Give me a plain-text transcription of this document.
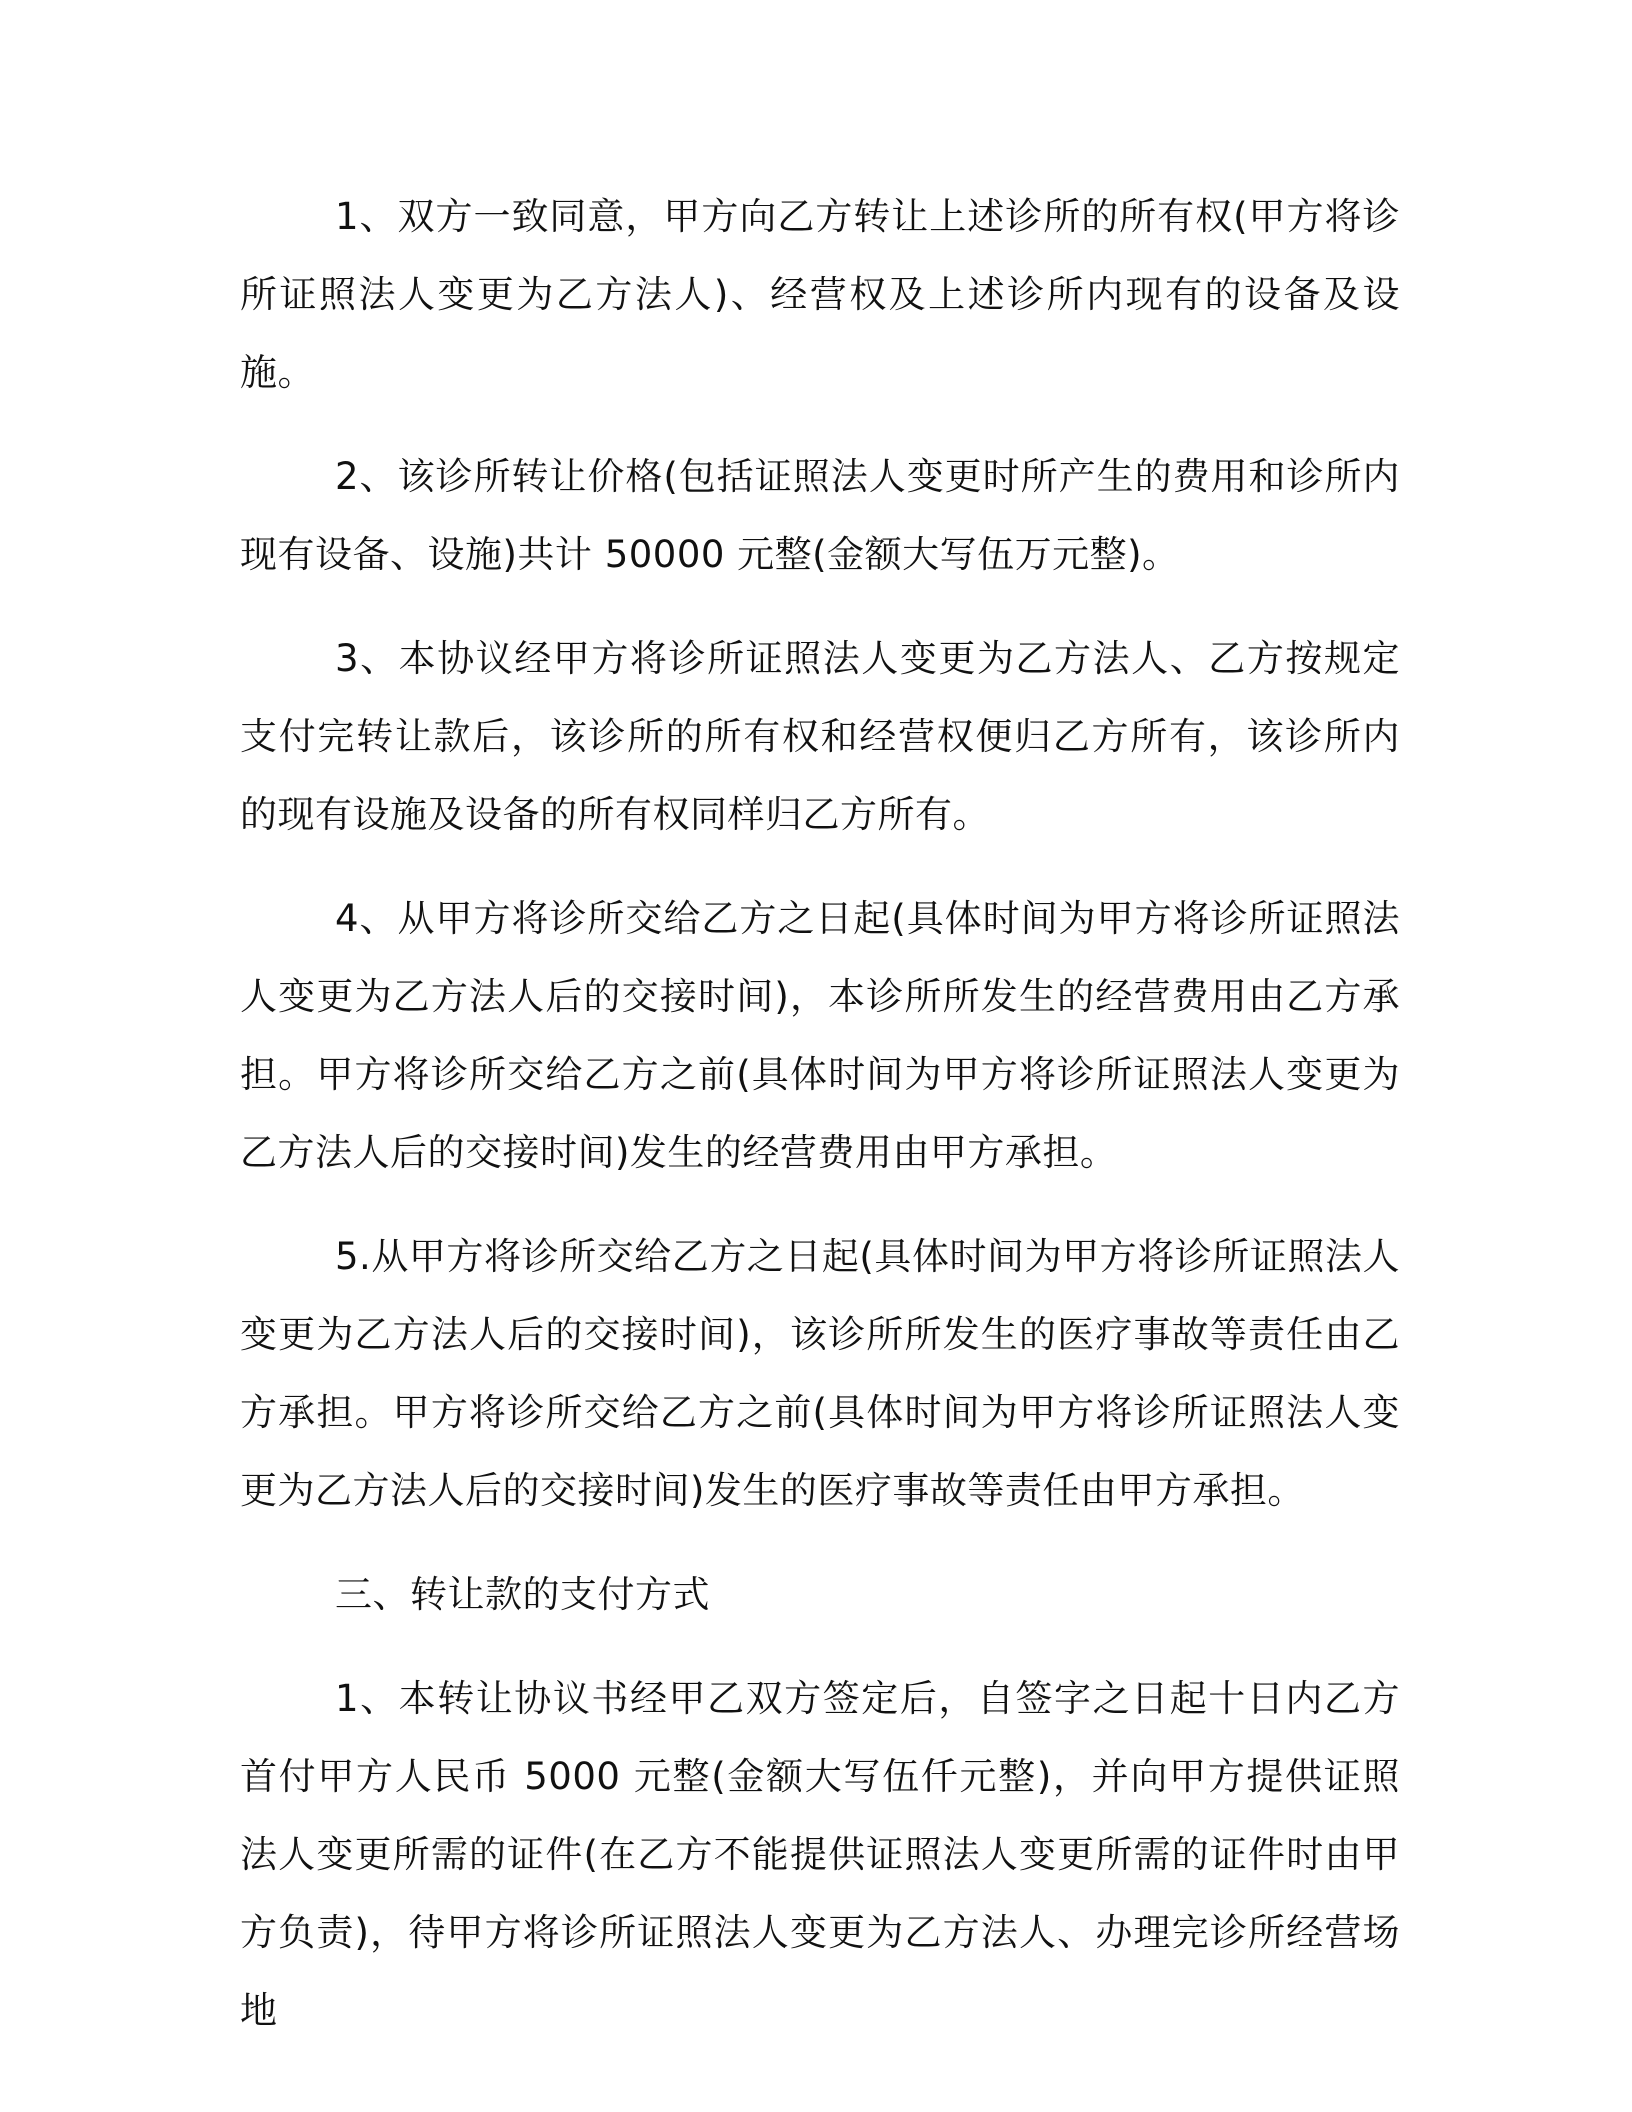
1、双方一致同意，甲方向乙方转让上述诊所的所有权(甲方将诊所证照法人变更为乙方法人)、经营权及上述诊所内现有的设备及设施。

2、该诊所转让价格(包括证照法人变更时所产生的费用和诊所内现有设备、设施)共计 50000 元整(金额大写伍万元整)。

3、本协议经甲方将诊所证照法人变更为乙方法人、乙方按规定支付完转让款后，该诊所的所有权和经营权便归乙方所有，该诊所内的现有设施及设备的所有权同样归乙方所有。

4、从甲方将诊所交给乙方之日起(具体时间为甲方将诊所证照法人变更为乙方法人后的交接时间)，本诊所所发生的经营费用由乙方承担。甲方将诊所交给乙方之前(具体时间为甲方将诊所证照法人变更为乙方法人后的交接时间)发生的经营费用由甲方承担。

5.从甲方将诊所交给乙方之日起(具体时间为甲方将诊所证照法人变更为乙方法人后的交接时间)，该诊所所发生的医疗事故等责任由乙方承担。甲方将诊所交给乙方之前(具体时间为甲方将诊所证照法人变更为乙方法人后的交接时间)发生的医疗事故等责任由甲方承担。

三、转让款的支付方式

1、本转让协议书经甲乙双方签定后，自签字之日起十日内乙方首付甲方人民币 5000 元整(金额大写伍仟元整)，并向甲方提供证照法人变更所需的证件(在乙方不能提供证照法人变更所需的证件时由甲方负责)，待甲方将诊所证照法人变更为乙方法人、办理完诊所经营场地
